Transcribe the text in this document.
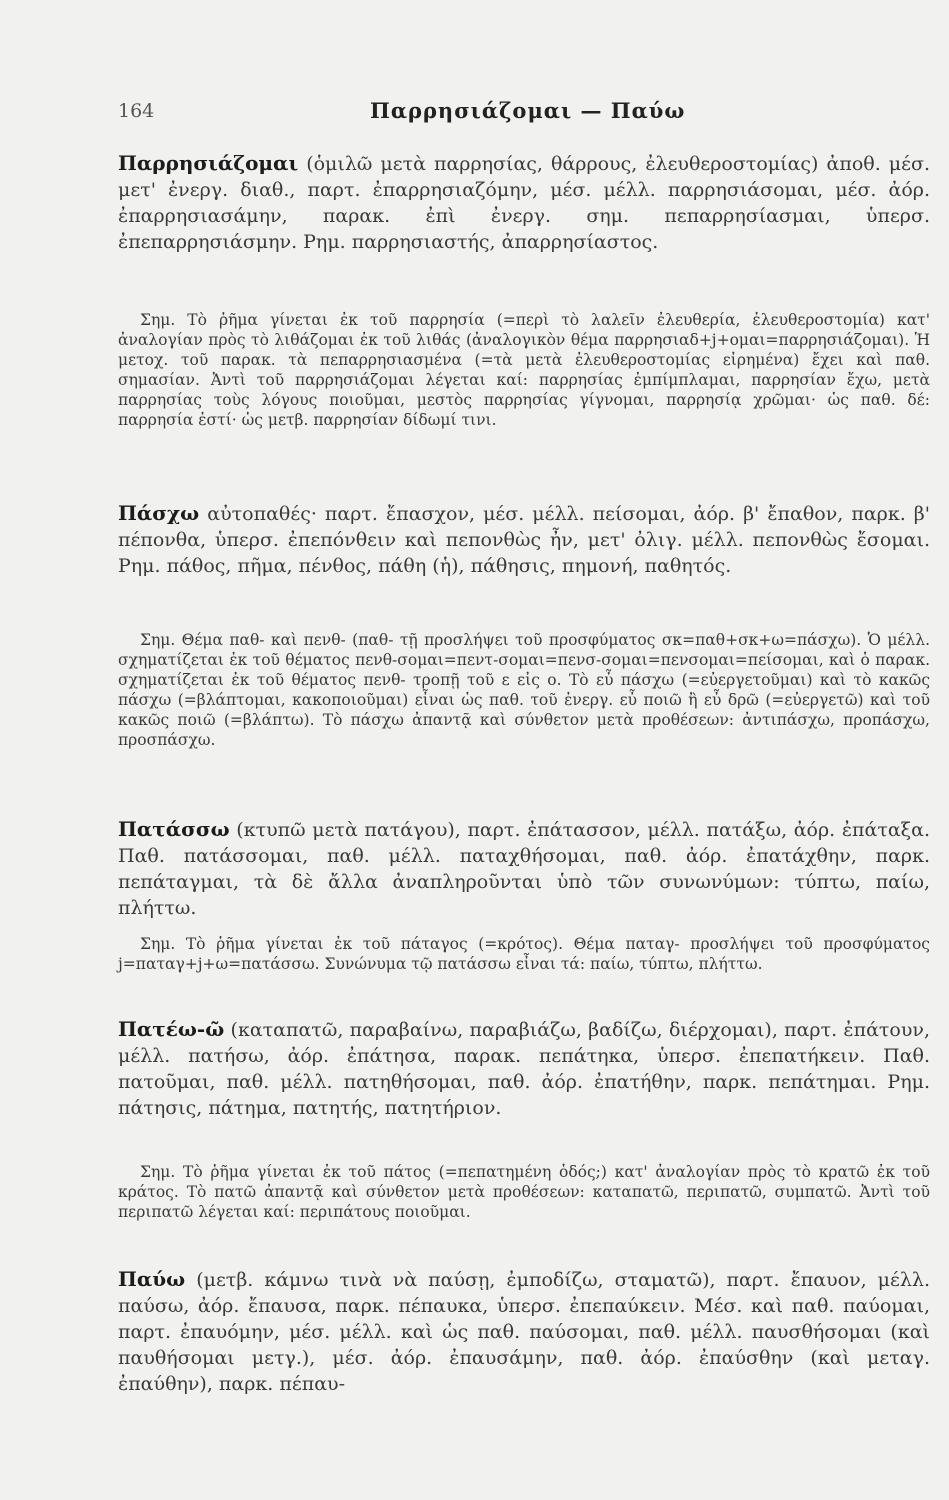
164	Παρρησιάζομαι — Παύω
Παρρησιάζομαι (ὁμιλῶ μετὰ παρρησίας, θάρρους, ἐλευθεροστομίας) ἀποθ. μέσ. μετ' ἐνεργ. διαθ., παρτ. ἐπαρρησιαζόμην, μέσ. μέλλ. παρρησιάσομαι, μέσ. ἀόρ. ἐπαρρησιασάμην, παρακ. ἐπὶ ἐνεργ. σημ. πεπαρρησίασμαι, ὑπερσ. ἐπεπαρρησιάσμην. Ρημ. παρρησιαστής, ἀπαρρησίαστος.
Σημ. Τὸ ῥῆμα γίνεται ἐκ τοῦ παρρησία (=περὶ τὸ λαλεῖν ἐλευθερία, ἐλευθεροστομία) κατ' ἀναλογίαν πρὸς τὸ λιθάζομαι ἐκ τοῦ λιθάς (ἀναλογικὸν θέμα παρρησιαδ+j+ομαι=παρρησιάζομαι). Ἡ μετοχ. τοῦ παρακ. τὰ πεπαρρησιασμένα (=τὰ μετὰ ἐλευθεροστομίας εἰρημένα) ἔχει καὶ παθ. σημασίαν. Ἀντὶ τοῦ παρρησιάζομαι λέγεται καί: παρρησίας ἐμπίμπλαμαι, παρρησίαν ἔχω, μετὰ παρρησίας τοὺς λόγους ποιοῦμαι, μεστὸς παρρησίας γίγνομαι, παρρησίᾳ χρῶμαι· ὡς παθ. δέ: παρρησία ἐστί· ὡς μετβ. παρρησίαν δίδωμί τινι.
Πάσχω αὐτοπαθές· παρτ. ἔπασχον, μέσ. μέλλ. πείσομαι, ἀόρ. β' ἔπαθον, παρκ. β' πέπονθα, ὑπερσ. ἐπεπόνθειν καὶ πεπονθὼς ἦν, μετ' ὀλιγ. μέλλ. πεπονθὼς ἔσομαι. Ρημ. πάθος, πῆμα, πένθος, πάθη (ἡ), πάθησις, πημονή, παθητός.
Σημ. Θέμα παθ- καὶ πενθ- (παθ- τῇ προσλήψει τοῦ προσφύματος σκ=παθ+σκ+ω=πάσχω). Ὁ μέλλ. σχηματίζεται ἐκ τοῦ θέματος πενθ-σομαι=πεντ-σομαι=πενσ-σομαι=πενσομαι=πείσομαι, καὶ ὁ παρακ. σχηματίζεται ἐκ τοῦ θέματος πενθ- τροπῇ τοῦ ε εἰς ο. Τὸ εὖ πάσχω (=εὐεργετοῦμαι) καὶ τὸ κακῶς πάσχω (=βλάπτομαι, κακοποιοῦμαι) εἶναι ὡς παθ. τοῦ ἐνεργ. εὖ ποιῶ ἢ εὖ δρῶ (=εὐεργετῶ) καὶ τοῦ κακῶς ποιῶ (=βλάπτω). Τὸ πάσχω ἀπαντᾷ καὶ σύνθετον μετὰ προθέσεων: ἀντιπάσχω, προπάσχω, προσπάσχω.
Πατάσσω (κτυπῶ μετὰ πατάγου), παρτ. ἐπάτασσον, μέλλ. πατάξω, ἀόρ. ἐπάταξα. Παθ. πατάσσομαι, παθ. μέλλ. παταχθήσομαι, παθ. ἀόρ. ἐπατάχθην, παρκ. πεπάταγμαι, τὰ δὲ ἄλλα ἀναπληροῦνται ὑπὸ τῶν συνωνύμων: τύπτω, παίω, πλήττω.
Σημ. Τὸ ῥῆμα γίνεται ἐκ τοῦ πάταγος (=κρότος). Θέμα παταγ- προσλήψει τοῦ προσφύματος j=παταγ+j+ω=πατάσσω. Συνώνυμα τῷ πατάσσω εἶναι τά: παίω, τύπτω, πλήττω.
Πατέω-ῶ (καταπατῶ, παραβαίνω, παραβιάζω, βαδίζω, διέρχομαι), παρτ. ἐπάτουν, μέλλ. πατήσω, ἀόρ. ἐπάτησα, παρακ. πεπάτηκα, ὑπερσ. ἐπεπατήκειν. Παθ. πατοῦμαι, παθ. μέλλ. πατηθήσομαι, παθ. ἀόρ. ἐπατήθην, παρκ. πεπάτημαι. Ρημ. πάτησις, πάτημα, πατητής, πατητήριον.
Σημ. Τὸ ῥῆμα γίνεται ἐκ τοῦ πάτος (=πεπατημένη ὁδός;) κατ' ἀναλογίαν πρὸς τὸ κρατῶ ἐκ τοῦ κράτος. Τὸ πατῶ ἀπαντᾷ καὶ σύνθετον μετὰ προθέσεων: καταπατῶ, περιπατῶ, συμπατῶ. Ἀντὶ τοῦ περιπατῶ λέγεται καί: περιπάτους ποιοῦμαι.
Παύω (μετβ. κάμνω τινὰ νὰ παύσῃ, ἐμποδίζω, σταματῶ), παρτ. ἔπαυον, μέλλ. παύσω, ἀόρ. ἔπαυσα, παρκ. πέπαυκα, ὑπερσ. ἐπεπαύκειν. Μέσ. καὶ παθ. παύομαι, παρτ. ἐπαυόμην, μέσ. μέλλ. καὶ ὡς παθ. παύσομαι, παθ. μέλλ. παυσθήσομαι (καὶ παυθήσομαι μετγ.), μέσ. ἀόρ. ἐπαυσάμην, παθ. ἀόρ. ἐπαύσθην (καὶ μεταγ. ἐπαύθην), παρκ. πέπαυ-
